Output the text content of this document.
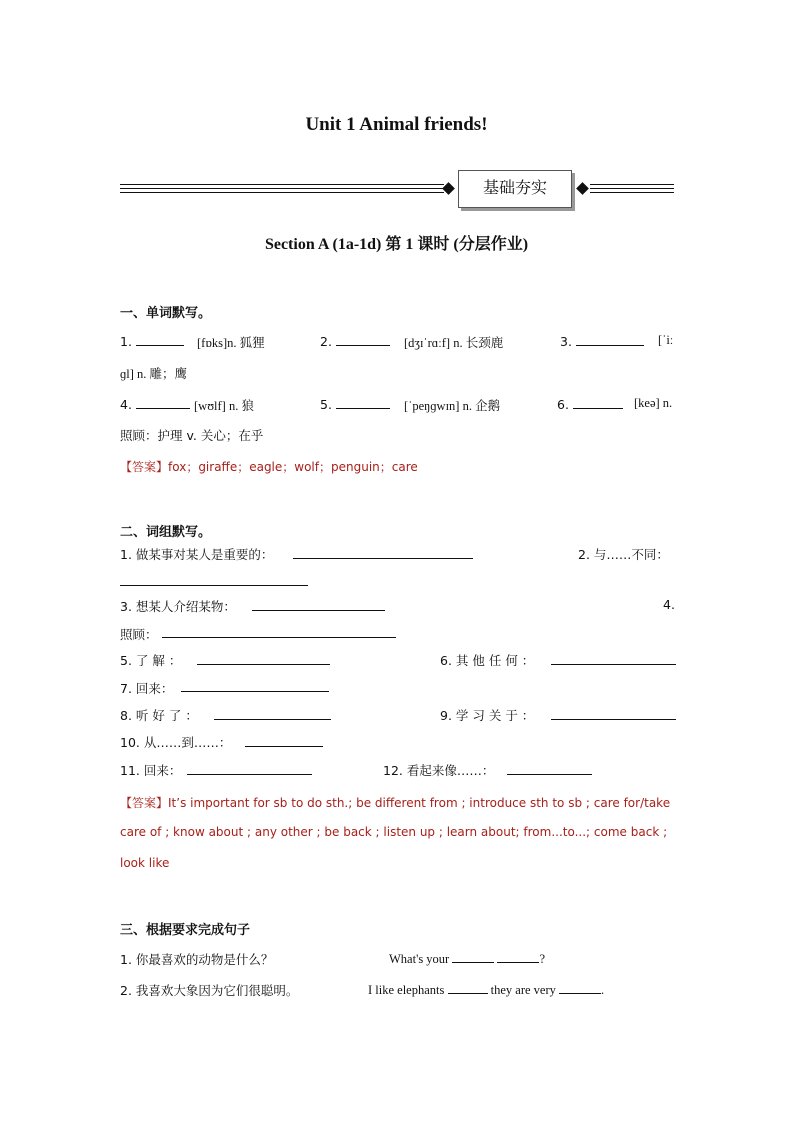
Unit 1 Animal friends!
基础夯实
Section A (1a-1d) 第 1 课时 (分层作业)
一、单词默写。
1.	[fɒks]n. 狐狸	2.	[dʒɪˈrɑːf] n. 长颈鹿	3.	[ˈiː
ɡl] n. 雕；鹰
4.	[wʊlf] n. 狼	5.	[ˈpeŋɡwɪn] n. 企鹅	6.	[keə] n.
照顾：护理 v. 关心；在乎
【答案】fox；giraffe；eagle；wolf；penguin；care
二、词组默写。
1. 做某事对某人是重要的：	2. 与……不同：
3. 想某人介绍某物：	4.
照顾：
5. 了 解 ：	6. 其 他 任 何 ：
7. 回来：
8. 听 好 了 ：	9. 学 习 关 于 ：
10. 从……到……：
11. 回来：	12. 看起来像……：
【答案】It’s important for sb to do sth.; be different from ; introduce sth to sb ; care for/take
care of ; know about ; any other ; be back ; listen up ; learn about; from...to...; come back ;
look like
三、根据要求完成句子
1. 你最喜欢的动物是什么？	What's your	?
2. 我喜欢大象因为它们很聪明。	I like elephants	they are very	.
